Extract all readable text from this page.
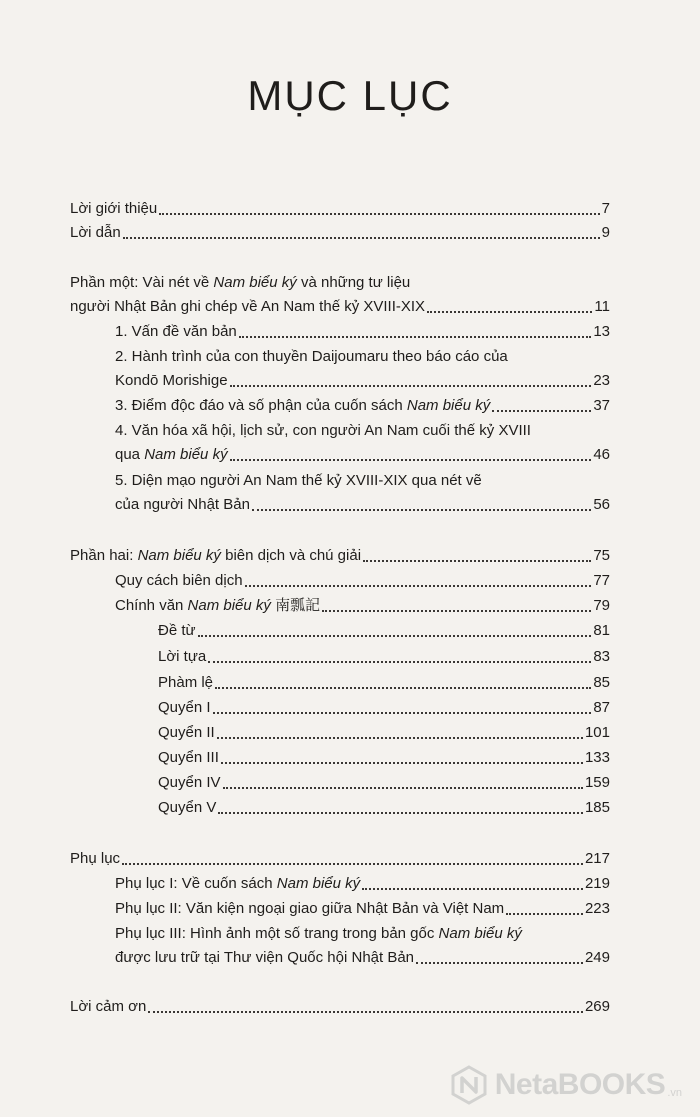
MỤC LỤC
Lời giới thiệu	7
Lời dẫn	9
Phần một: Vài nét về Nam biểu ký và những tư liệu
người Nhật Bản ghi chép về An Nam thế kỷ XVIII-XIX	11
1. Vấn đề văn bản	13
2. Hành trình của con thuyền Daijoumaru theo báo cáo của
Kondō Morishige	23
3. Điểm độc đáo và số phận của cuốn sách Nam biểu ký	37
4. Văn hóa xã hội, lịch sử, con người An Nam cuối thế kỷ XVIII
qua Nam biểu ký	46
5. Diện mạo người An Nam thế kỷ XVIII-XIX qua nét vẽ
của người Nhật Bản	56
Phần hai: Nam biểu ký biên dịch và chú giải	75
Quy cách biên dịch	77
Chính văn Nam biểu ký 南瓢記	79
Đề từ	81
Lời tựa	83
Phàm lệ	85
Quyển I	87
Quyển II	101
Quyển III	133
Quyển IV	159
Quyển V	185
Phụ lục	217
Phụ lục I: Về cuốn sách Nam biểu ký	219
Phụ lục II: Văn kiện ngoại giao giữa Nhật Bản và Việt Nam	223
Phụ lục III: Hình ảnh một số trang trong bản gốc Nam biểu ký
được lưu trữ tại Thư viện Quốc hội Nhật Bản	249
Lời cảm ơn	269
NetaBOOKS .vn
